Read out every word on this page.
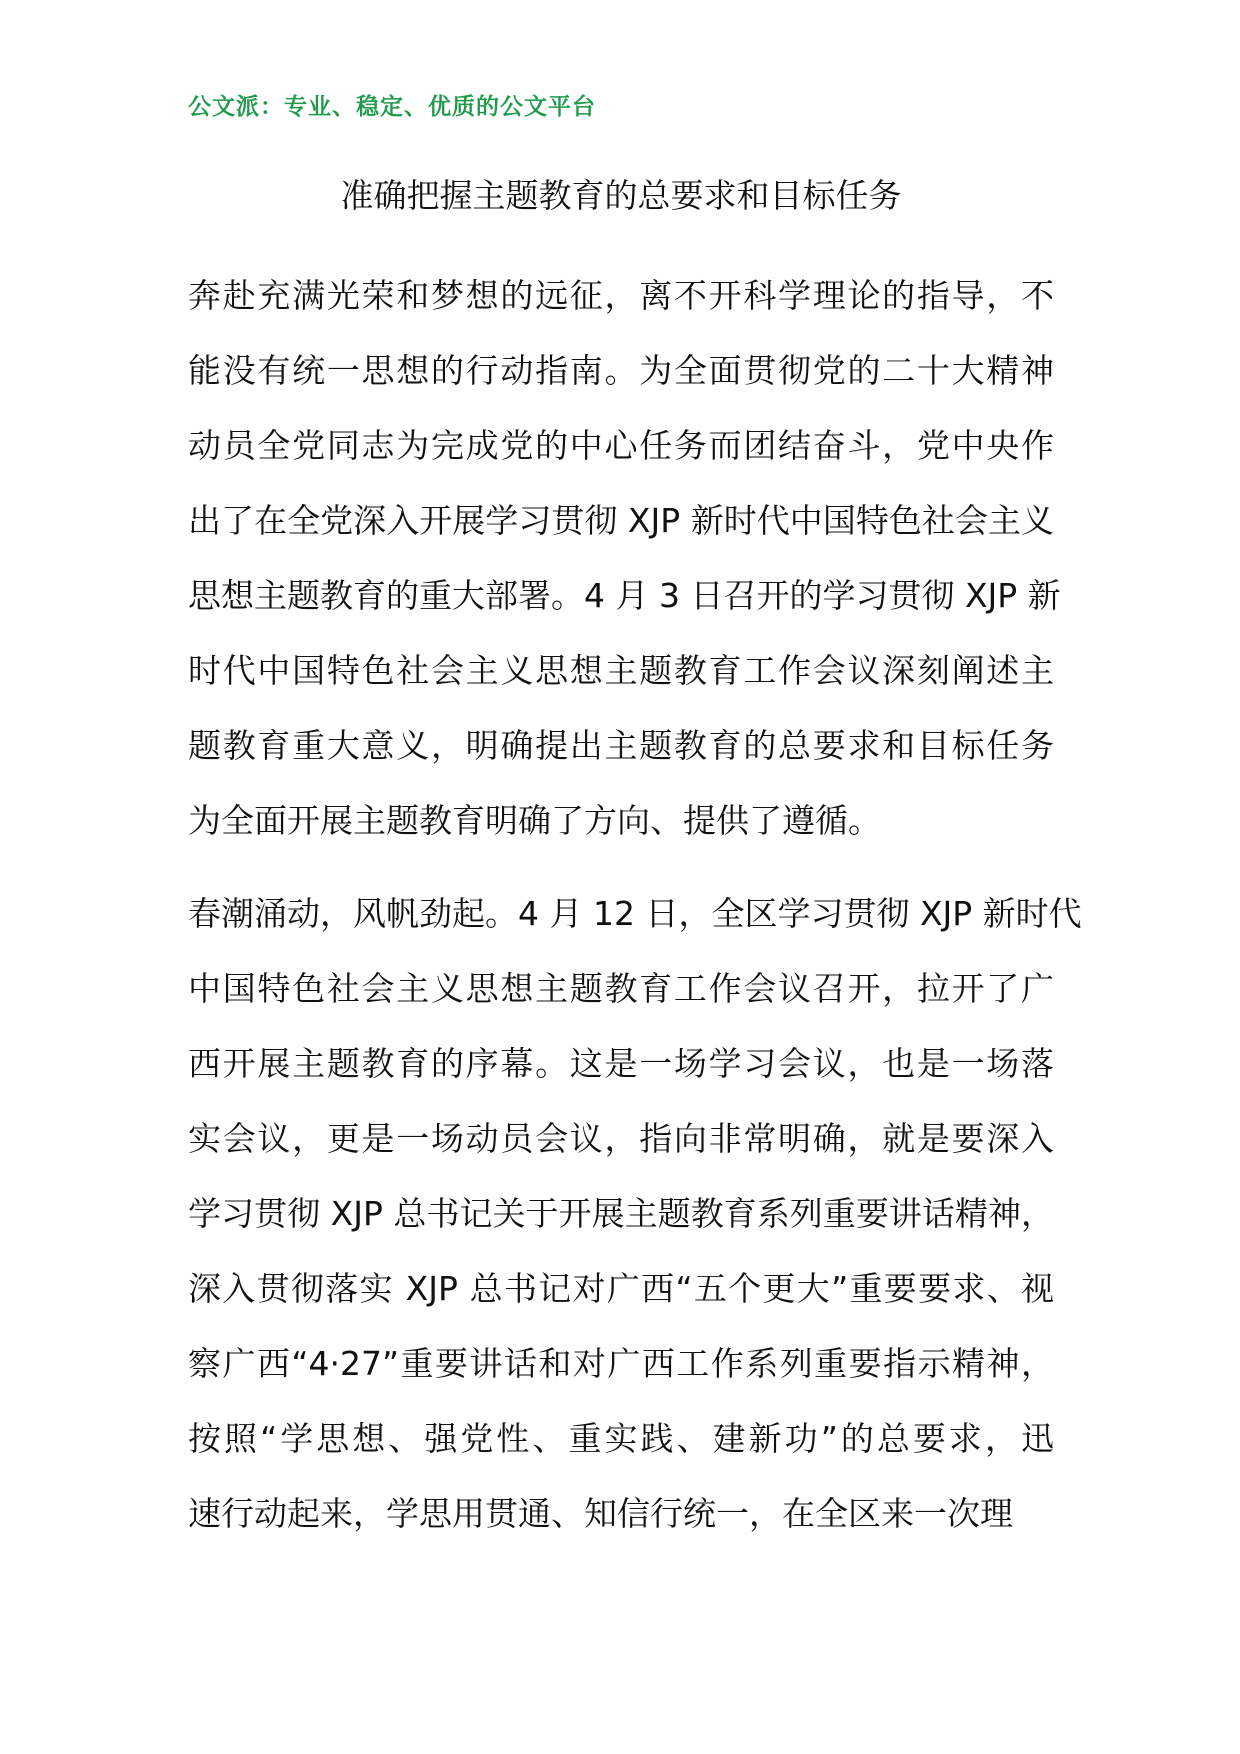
公文派：专业、稳定、优质的公文平台
准确把握主题教育的总要求和目标任务
奔赴充满光荣和梦想的远征，离不开科学理论的指导，不
能没有统一思想的行动指南。为全面贯彻党的二十大精神
动员全党同志为完成党的中心任务而团结奋斗，党中央作
出了在全党深入开展学习贯彻 XJP 新时代中国特色社会主义
思想主题教育的重大部署。4 月 3 日召开的学习贯彻 XJP 新
时代中国特色社会主义思想主题教育工作会议深刻阐述主
题教育重大意义，明确提出主题教育的总要求和目标任务
为全面开展主题教育明确了方向、提供了遵循。
春潮涌动，风帆劲起。4 月 12 日，全区学习贯彻 XJP 新时代
中国特色社会主义思想主题教育工作会议召开，拉开了广
西开展主题教育的序幕。这是一场学习会议，也是一场落
实会议，更是一场动员会议，指向非常明确，就是要深入
学习贯彻 XJP 总书记关于开展主题教育系列重要讲话精神，
深入贯彻落实 XJP 总书记对广西“五个更大”重要要求、视
察广西“4·27”重要讲话和对广西工作系列重要指示精神，
按照“学思想、强党性、重实践、建新功”的总要求，迅
速行动起来，学思用贯通、知信行统一，在全区来一次理
